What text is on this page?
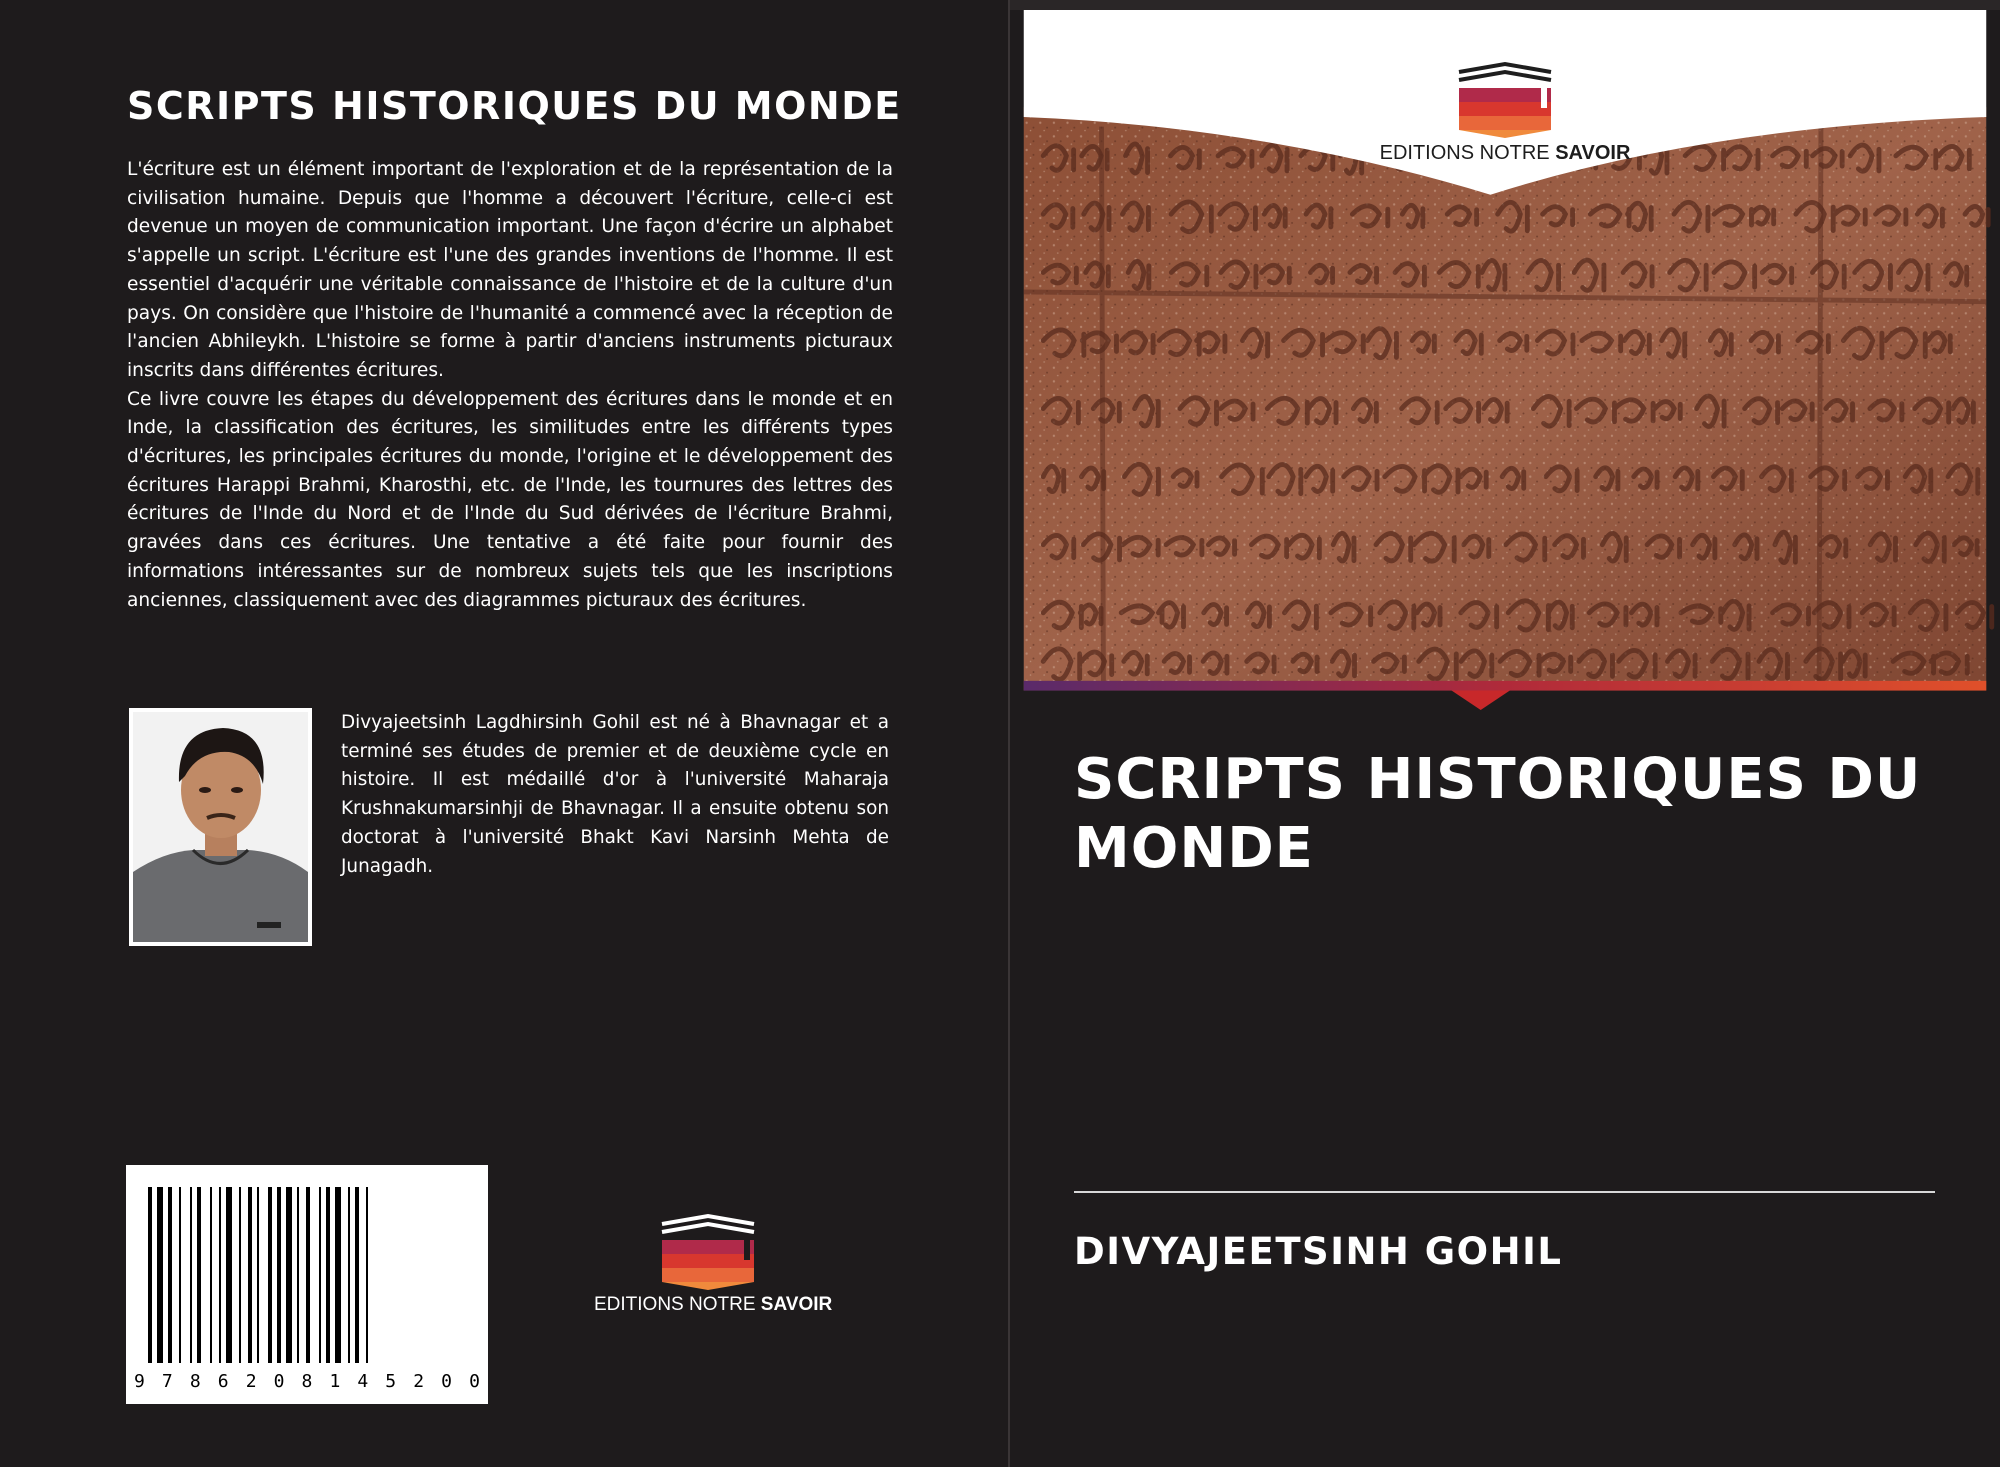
SCRIPTS HISTORIQUES DU MONDE

L'écriture est un élément important de l'exploration et de la représentation de la civilisation humaine. Depuis que l'homme a découvert l'écriture, celle-ci est devenue un moyen de communication important. Une façon d'écrire un alphabet s'appelle un script. L'écriture est l'une des grandes inventions de l'homme. Il est essentiel d'acquérir une véritable connaissance de l'histoire et de la culture d'un pays. On considère que l'histoire de l'humanité a commencé avec la réception de l'ancien Abhileykh. L'histoire se forme à partir d'anciens instruments picturaux inscrits dans différentes écritures.

Ce livre couvre les étapes du développement des écritures dans le monde et en Inde, la classification des écritures, les similitudes entre les différents types d'écritures, les principales écritures du monde, l'origine et le développement des écritures Harappi Brahmi, Kharosthi, etc. de l'Inde, les tournures des lettres des écritures de l'Inde du Nord et de l'Inde du Sud dérivées de l'écriture Brahmi, gravées dans ces écritures. Une tentative a été faite pour fournir des informations intéressantes sur de nombreux sujets tels que les inscriptions anciennes, classiquement avec des diagrammes picturaux des écritures.

Divyajeetsinh Lagdhirsinh Gohil est né à Bhavnagar et a terminé ses études de premier et de deuxième cycle en histoire. Il est médaillé d'or à l'université Maharaja Krushnakumarsinhji de Bhavnagar. Il a ensuite obtenu son doctorat à l'université Bhakt Kavi Narsinh Mehta de Junagadh.

9 7 8 6 2 0 8 1 4 5 2 0 0
EDITIONS NOTRE SAVOIR
EDITIONS NOTRE SAVOIR
SCRIPTS HISTORIQUES DU MONDE
DIVYAJEETSINH GOHIL
